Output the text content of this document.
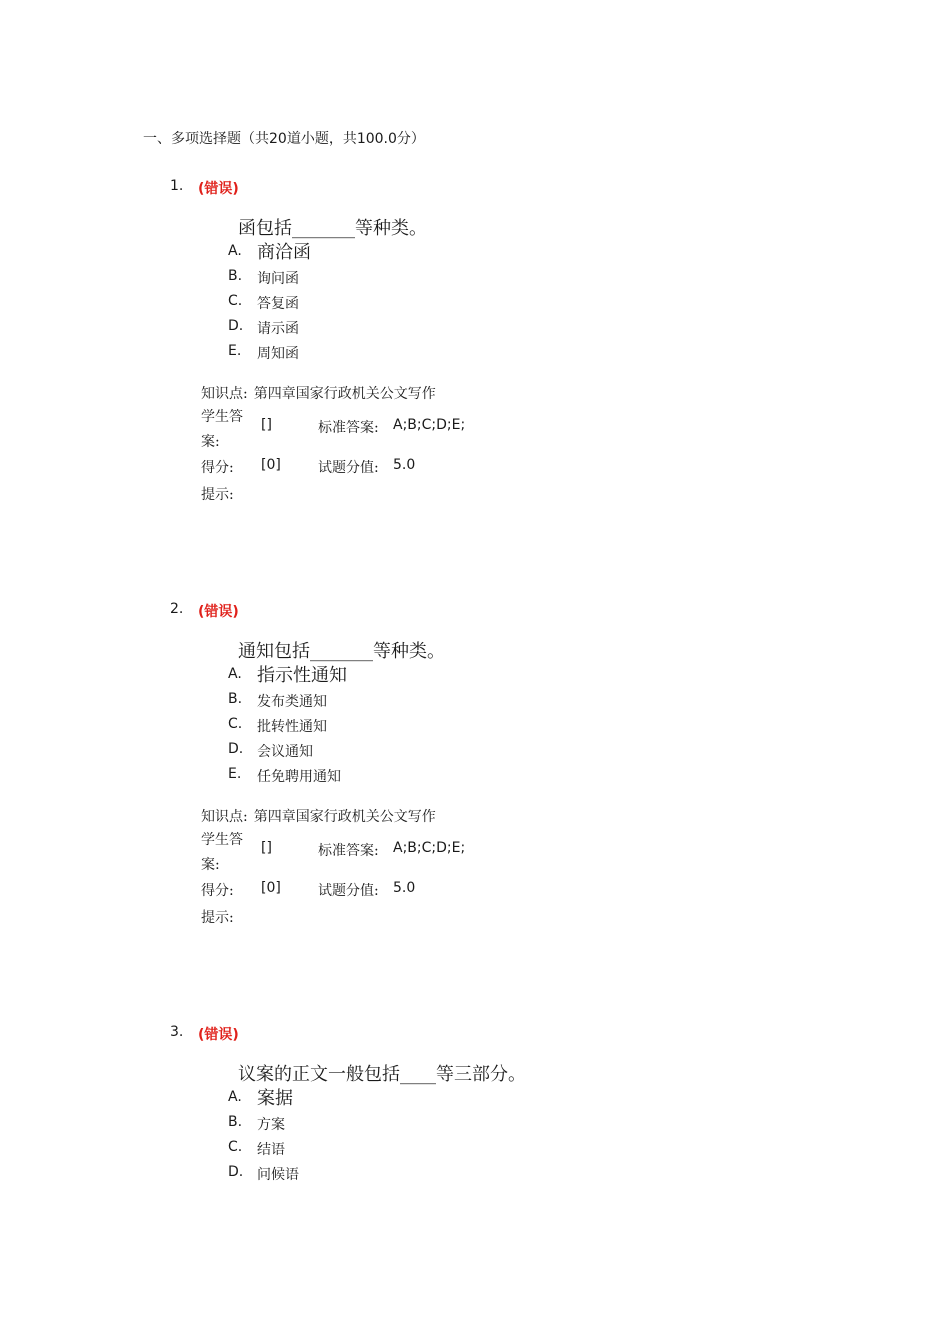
一、多项选择题（共20道小题，共100.0分）
1. (错误)
函包括_______等种类。
A. 商洽函
B. 询问函
C. 答复函
D. 请示函
E. 周知函
知识点: 第四章国家行政机关公文写作
学生答案:
[]	标准答案: A;B;C;D;E;
得分: [0]	试题分值: 5.0
提示:
2. (错误)
通知包括_______等种类。
A. 指示性通知
B. 发布类通知
C. 批转性通知
D. 会议通知
E. 任免聘用通知
知识点: 第四章国家行政机关公文写作
学生答案:
[]	标准答案: A;B;C;D;E;
得分: [0]	试题分值: 5.0
提示:
3. (错误)
议案的正文一般包括____等三部分。
A. 案据
B. 方案
C. 结语
D. 问候语
